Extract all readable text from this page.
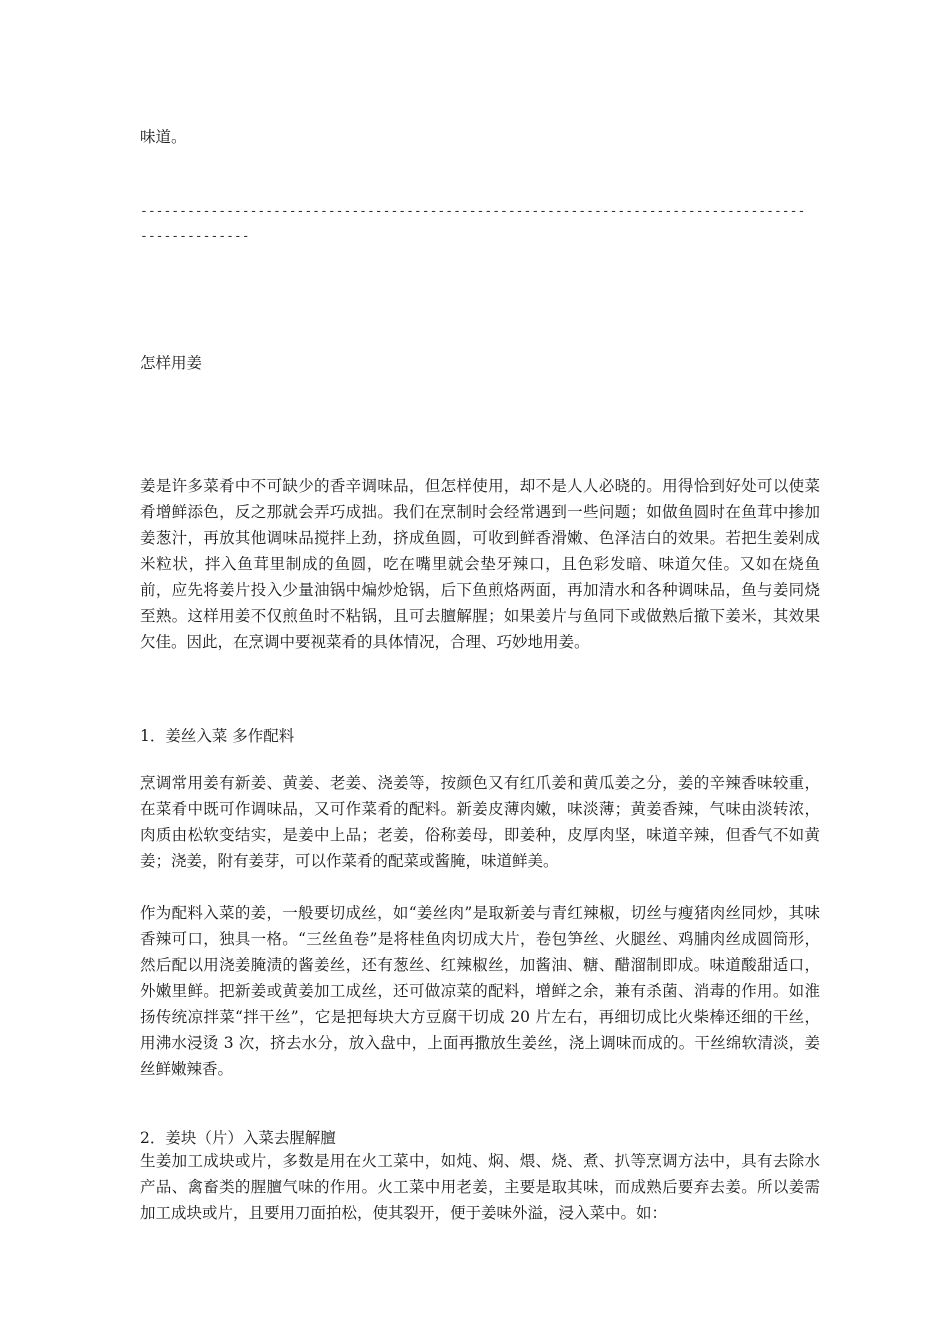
味道。

-------------------------------------------------------------------------------------
--------------

怎样用姜

姜是许多菜肴中不可缺少的香辛调味品，但怎样使用，却不是人人必晓的。用得恰到好处可以使菜肴增鲜添色，反之那就会弄巧成拙。我们在烹制时会经常遇到一些问题；如做鱼圆时在鱼茸中掺加姜葱汁，再放其他调味品搅拌上劲，挤成鱼圆，可收到鲜香滑嫩、色泽洁白的效果。若把生姜剁成米粒状，拌入鱼茸里制成的鱼圆，吃在嘴里就会垫牙辣口，且色彩发暗、味道欠佳。又如在烧鱼前，应先将姜片投入少量油锅中煸炒炝锅，后下鱼煎烙两面，再加清水和各种调味品，鱼与姜同烧至熟。这样用姜不仅煎鱼时不粘锅，且可去膻解腥；如果姜片与鱼同下或做熟后撤下姜米，其效果欠佳。因此，在烹调中要视菜肴的具体情况，合理、巧妙地用姜。

1．姜丝入菜 多作配料

烹调常用姜有新姜、黄姜、老姜、浇姜等，按颜色又有红爪姜和黄瓜姜之分，姜的辛辣香味较重，在菜肴中既可作调味品，又可作菜肴的配料。新姜皮薄肉嫩，味淡薄；黄姜香辣，气味由淡转浓，肉质由松软变结实，是姜中上品；老姜，俗称姜母，即姜种，皮厚肉坚，味道辛辣，但香气不如黄姜；浇姜，附有姜芽，可以作菜肴的配菜或酱腌，味道鲜美。

作为配料入菜的姜，一般要切成丝，如“姜丝肉”是取新姜与青红辣椒，切丝与瘦猪肉丝同炒，其味香辣可口，独具一格。“三丝鱼卷”是将桂鱼肉切成大片，卷包笋丝、火腿丝、鸡脯肉丝成圆筒形，然后配以用浇姜腌渍的酱姜丝，还有葱丝、红辣椒丝，加酱油、糖、醋溜制即成。味道酸甜适口，外嫩里鲜。把新姜或黄姜加工成丝，还可做凉菜的配料，增鲜之余，兼有杀菌、消毒的作用。如淮扬传统凉拌菜“拌干丝”，它是把每块大方豆腐干切成 20 片左右，再细切成比火柴棒还细的干丝，用沸水浸烫 3 次，挤去水分，放入盘中，上面再撒放生姜丝，浇上调味而成的。干丝绵软清淡，姜丝鲜嫩辣香。

2．姜块（片）入菜去腥解膻

生姜加工成块或片，多数是用在火工菜中，如炖、焖、煨、烧、煮、扒等烹调方法中，具有去除水产品、禽畜类的腥膻气味的作用。火工菜中用老姜，主要是取其味，而成熟后要弃去姜。所以姜需加工成块或片，且要用刀面拍松，使其裂开，便于姜味外溢，浸入菜中。如：
